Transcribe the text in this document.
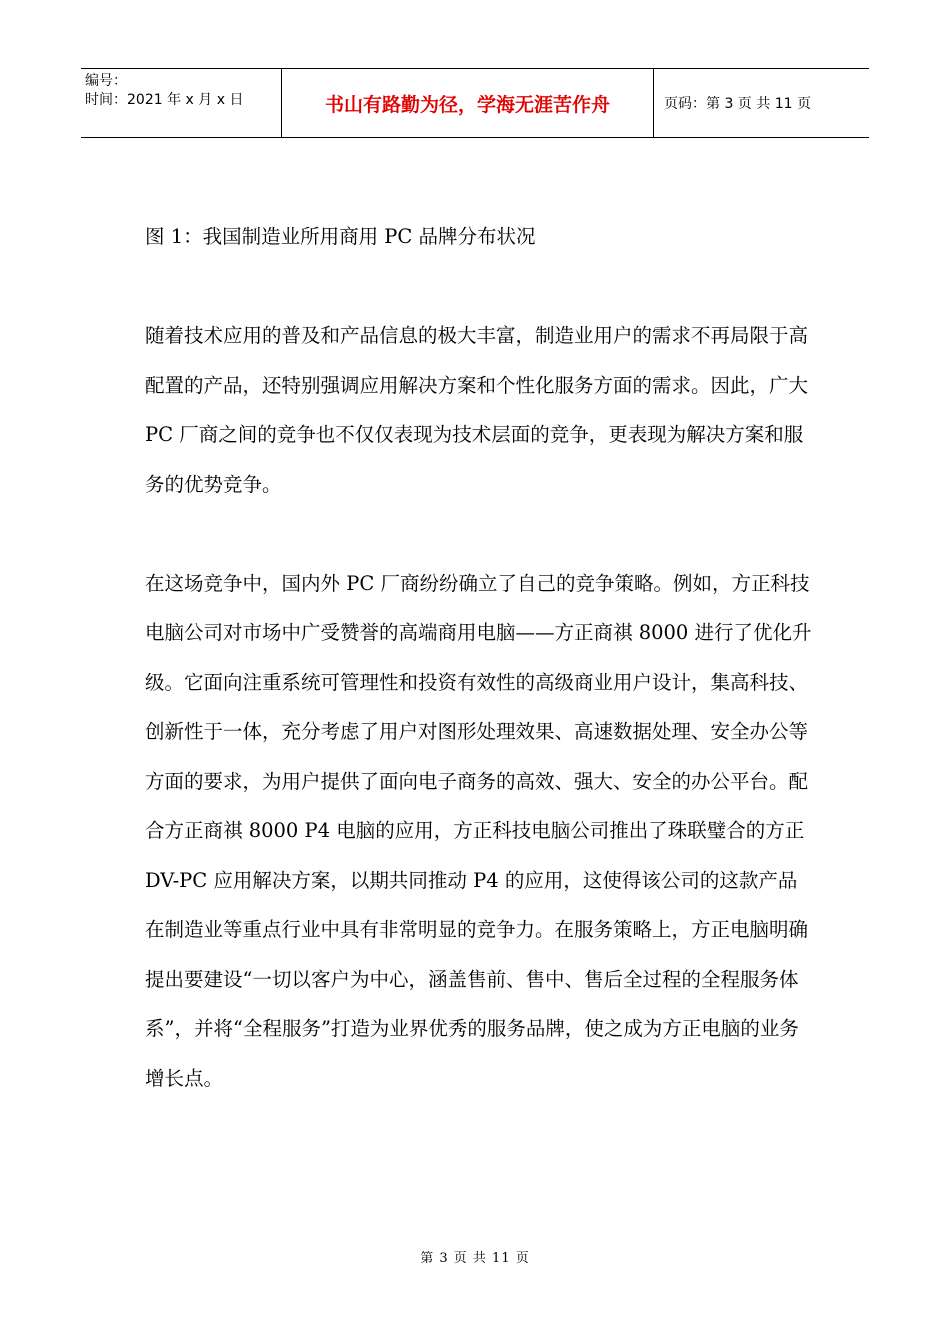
编号：
时间：2021 年 x 月 x 日	书山有路勤为径，学海无涯苦作舟	页码：第 3 页 共 11 页

图 1：我国制造业所用商用 PC 品牌分布状况

随着技术应用的普及和产品信息的极大丰富，制造业用户的需求不再局限于高配置的产品，还特别强调应用解决方案和个性化服务方面的需求。因此，广大 PC 厂商之间的竞争也不仅仅表现为技术层面的竞争，更表现为解决方案和服务的优势竞争。

在这场竞争中，国内外 PC 厂商纷纷确立了自己的竞争策略。例如，方正科技电脑公司对市场中广受赞誉的高端商用电脑——方正商祺 8000 进行了优化升级。它面向注重系统可管理性和投资有效性的高级商业用户设计，集高科技、创新性于一体，充分考虑了用户对图形处理效果、高速数据处理、安全办公等方面的要求，为用户提供了面向电子商务的高效、强大、安全的办公平台。配合方正商祺 8000 P4 电脑的应用，方正科技电脑公司推出了珠联璧合的方正 DV-PC 应用解决方案，以期共同推动 P4 的应用，这使得该公司的这款产品在制造业等重点行业中具有非常明显的竞争力。在服务策略上，方正电脑明确提出要建设“一切以客户为中心，涵盖售前、售中、售后全过程的全程服务体系”，并将“全程服务”打造为业界优秀的服务品牌，使之成为方正电脑的业务增长点。

第 3 页 共 11 页
